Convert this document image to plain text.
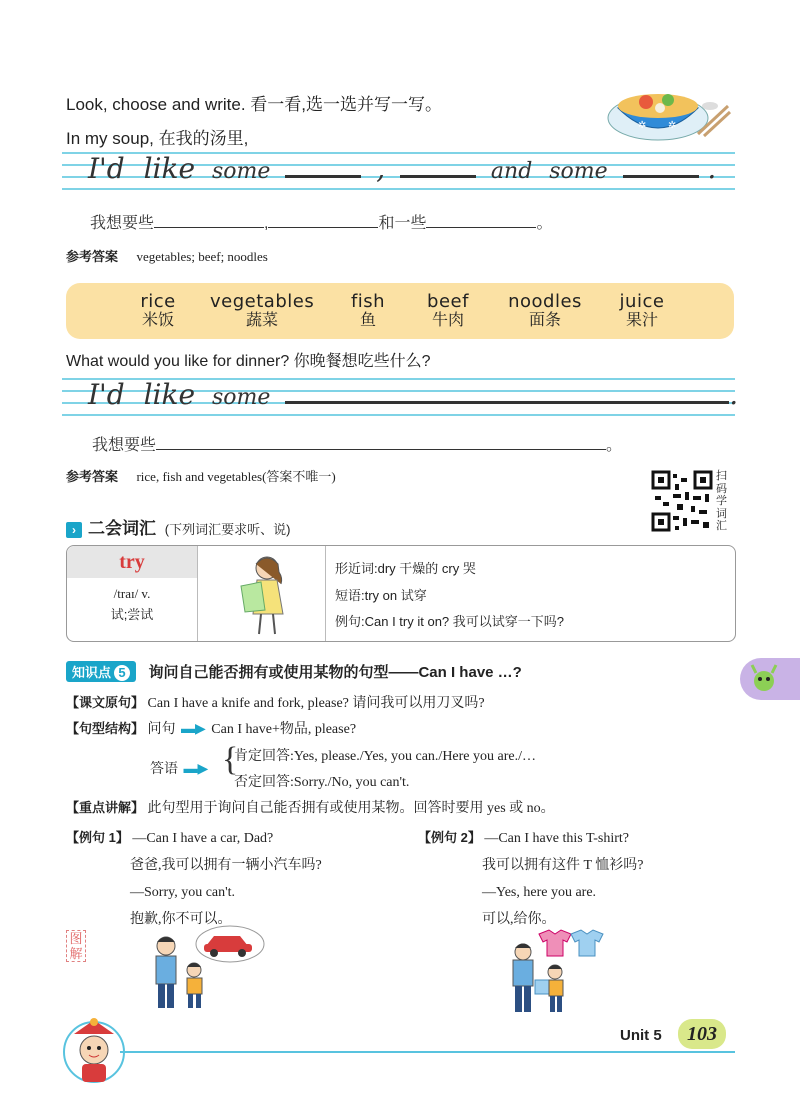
Look, choose and write. 看一看,选一选并写一写。
In my soup, 在我的汤里,
✲ ✲
I'd like some	,	and some	.
我想要些	,	和一些	。
参考答案 vegetables; beef; noodles
rice
米饭
vegetables
蔬菜
fish
鱼
beef
牛肉
noodles
面条
juice
果汁
What would you like for dinner? 你晚餐想吃些什么?
I'd like some	.
我想要些	。
参考答案 rice, fish and vegetables(答案不唯一)	扫码学词汇
› 二会词汇 (下列词汇要求听、说)
try
/traɪ/ v.
试;尝试
形近词:dry 干燥的 cry 哭
短语:try on 试穿
例句:Can I try it on? 我可以试穿一下吗?
知识点 5 询问自己能否拥有或使用某物的句型——Can I have …?
【课文原句】 Can I have a knife and fork, please? 请问我可以用刀叉吗?
【句型结构】 问句 ▬▶ Can I have+物品, please?
答语 ▬▶ {
肯定回答:Yes, please./Yes, you can./Here you are./…
否定回答:Sorry./No, you can't.
【重点讲解】 此句型用于询问自己能否拥有或使用某物。回答时要用 yes 或 no。
【例句 1】 —Can I have a car, Dad?
爸爸,我可以拥有一辆小汽车吗?
—Sorry, you can't.
抱歉,你不可以。
【例句 2】 —Can I have this T-shirt?
我可以拥有这件 T 恤衫吗?
—Yes, here you are.
可以,给你。
图解
Unit 5	103
